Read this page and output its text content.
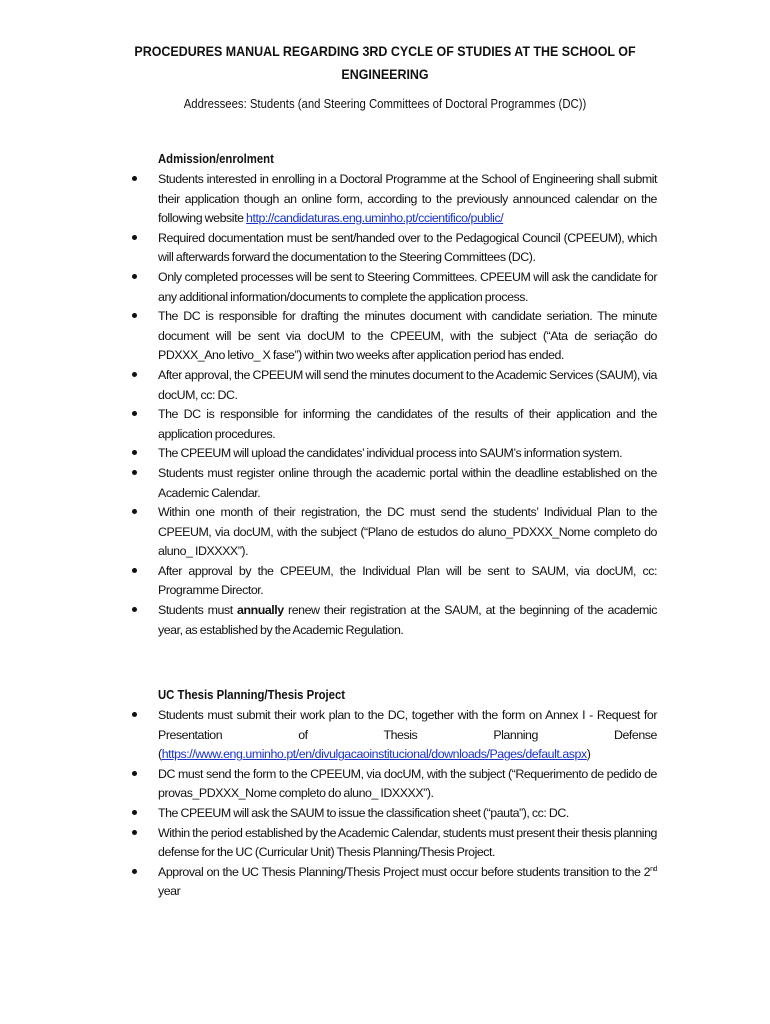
PROCEDURES MANUAL REGARDING 3RD CYCLE OF STUDIES AT THE SCHOOL OF ENGINEERING
Addressees: Students (and Steering Committees of Doctoral Programmes (DC))
Admission/enrolment
Students interested in enrolling in a Doctoral Programme at the School of Engineering shall submit their application though an online form, according to the previously announced calendar on the following website http://candidaturas.eng.uminho.pt/ccientifico/public/
Required documentation must be sent/handed over to the Pedagogical Council (CPEEUM), which will afterwards forward the documentation to the Steering Committees (DC).
Only completed processes will be sent to Steering Committees. CPEEUM will ask the candidate for any additional information/documents to complete the application process.
The DC is responsible for drafting the minutes document with candidate seriation. The minute document will be sent via docUM to the CPEEUM, with the subject (“Ata de seriação do PDXXX_Ano letivo_ X fase”) within two weeks after application period has ended.
After approval, the CPEEUM will send the minutes document to the Academic Services (SAUM), via docUM, cc: DC.
The DC is responsible for informing the candidates of the results of their application and the application procedures.
The CPEEUM will upload the candidates’ individual process into SAUM’s information system.
Students must register online through the academic portal within the deadline established on the Academic Calendar.
Within one month of their registration, the DC must send the students’ Individual Plan to the CPEEUM, via docUM, with the subject (“Plano de estudos do aluno_PDXXX_Nome completo do aluno_ IDXXXX”).
After approval by the CPEEUM, the Individual Plan will be sent to SAUM, via docUM, cc: Programme Director.
Students must annually renew their registration at the SAUM, at the beginning of the academic year, as established by the Academic Regulation.
UC Thesis Planning/Thesis Project
Students must submit their work plan to the DC, together with the form on Annex I - Request for Presentation of Thesis Planning Defense (https://www.eng.uminho.pt/en/divulgacaoinstitucional/downloads/Pages/default.aspx)
DC must send the form to the CPEEUM, via docUM, with the subject (“Requerimento de pedido de provas_PDXXX_Nome completo do aluno_ IDXXXX”).
The CPEEUM will ask the SAUM to issue the classification sheet (“pauta”), cc: DC.
Within the period established by the Academic Calendar, students must present their thesis planning defense for the UC (Curricular Unit) Thesis Planning/Thesis Project.
Approval on the UC Thesis Planning/Thesis Project must occur before students transition to the 2nd year
